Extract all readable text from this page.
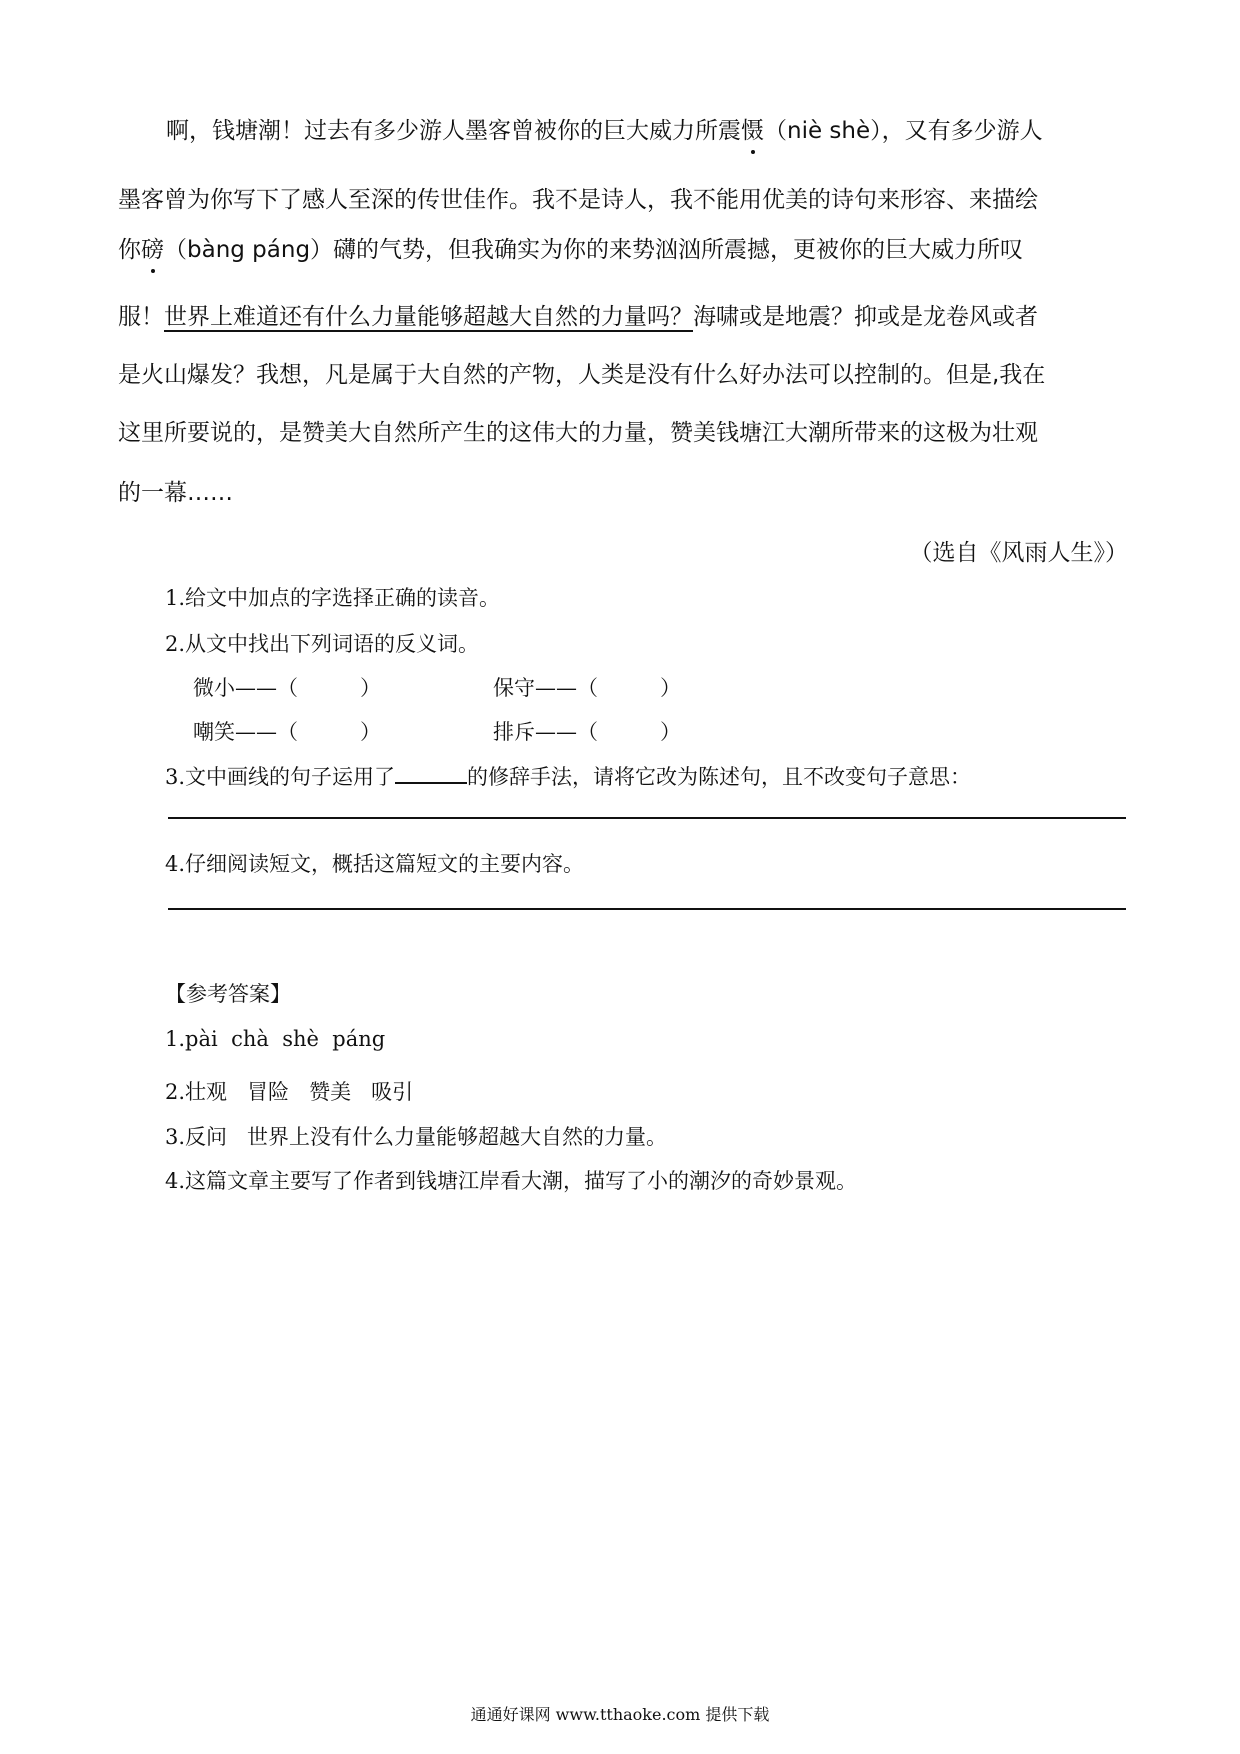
啊，钱塘潮！过去有多少游人墨客曾被你的巨大威力所震慑（niè shè），又有多少游人
墨客曾为你写下了感人至深的传世佳作。我不是诗人，我不能用优美的诗句来形容、来描绘
你磅（bàng páng）礴的气势，但我确实为你的来势汹汹所震撼，更被你的巨大威力所叹
服！世界上难道还有什么力量能够超越大自然的力量吗？海啸或是地震？抑或是龙卷风或者
是火山爆发？我想，凡是属于大自然的产物，人类是没有什么好办法可以控制的。但是,我在
这里所要说的，是赞美大自然所产生的这伟大的力量，赞美钱塘江大潮所带来的这极为壮观
的一幕……
（选自《风雨人生》）
1.给文中加点的字选择正确的读音。
2.从文中找出下列词语的反义词。
微小——（	）	保守——（	）
嘲笑——（	）	排斥——（	）
3.文中画线的句子运用了	的修辞手法，请将它改为陈述句，且不改变句子意思：
4.仔细阅读短文，概括这篇短文的主要内容。
【参考答案】
1.pài  chà  shè  páng
2.壮观   冒险   赞美   吸引
3.反问   世界上没有什么力量能够超越大自然的力量。
4.这篇文章主要写了作者到钱塘江岸看大潮，描写了小的潮汐的奇妙景观。
通通好课网 www.tthaoke.com 提供下载
